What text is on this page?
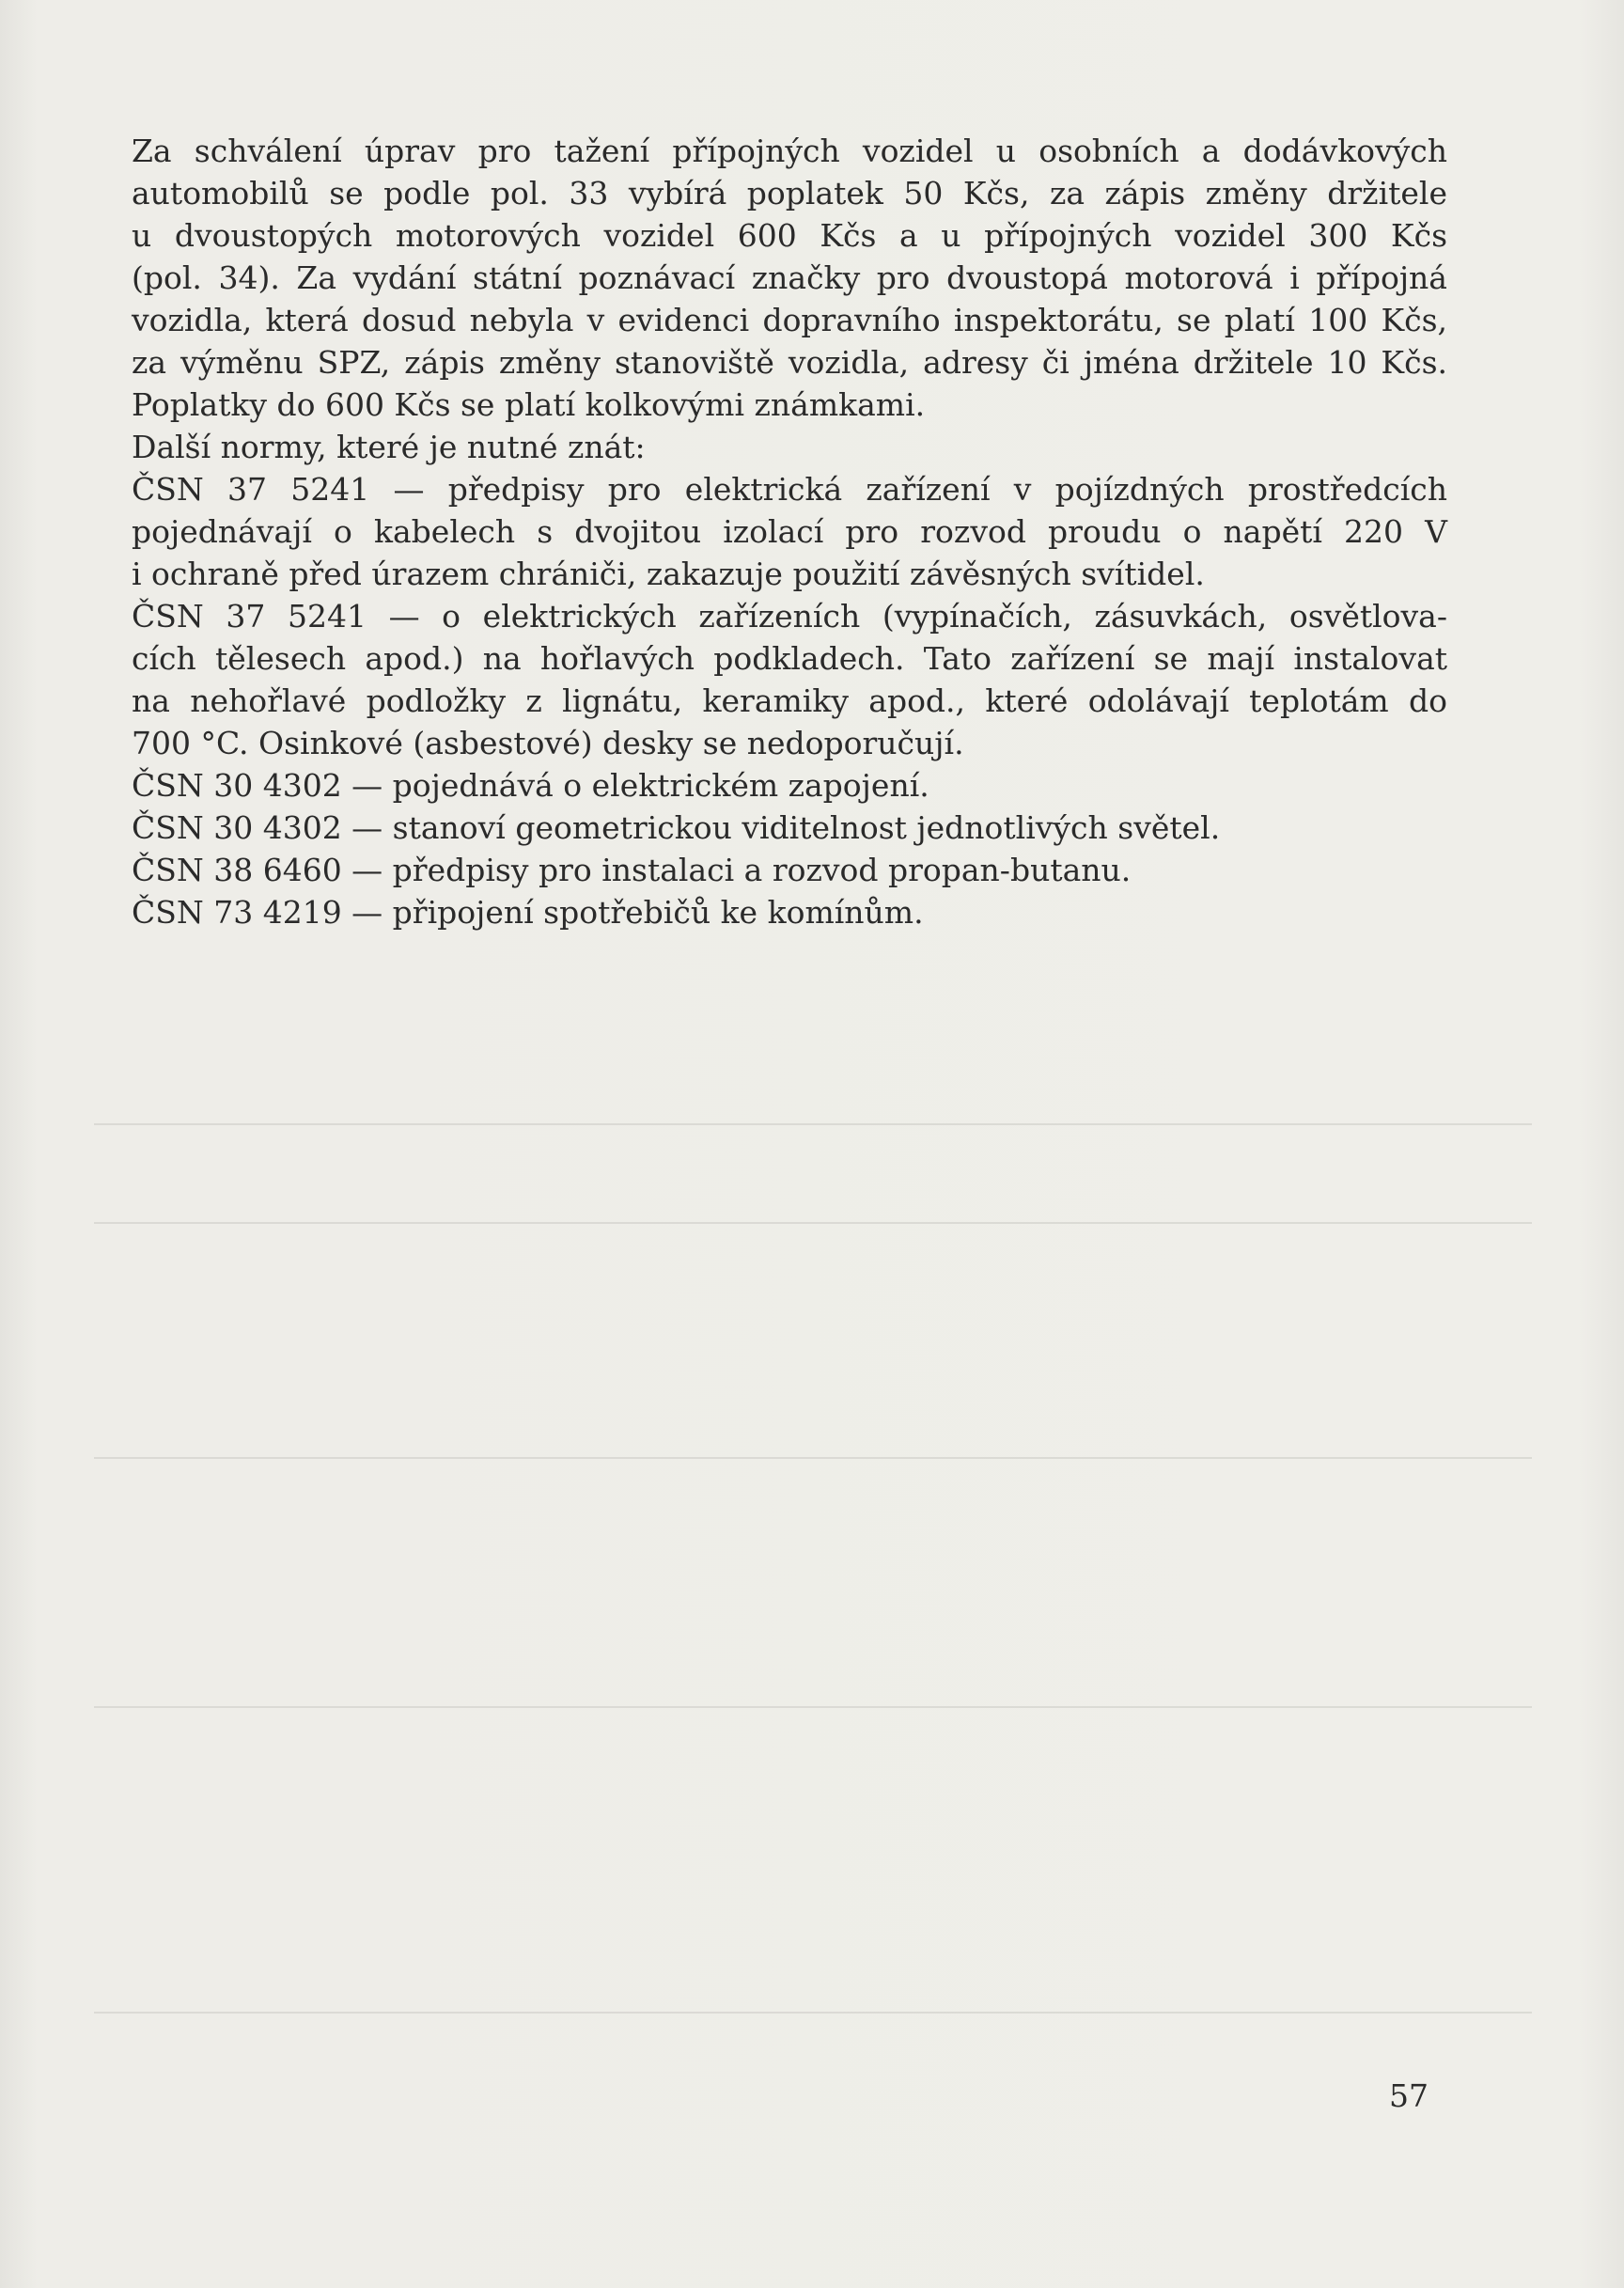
Za schválení úprav pro tažení přípojných vozidel u osobních a dodávkových
automobilů se podle pol. 33 vybírá poplatek 50 Kčs, za zápis změny držitele
u dvoustopých motorových vozidel 600 Kčs a u přípojných vozidel 300 Kčs
(pol. 34). Za vydání státní poznávací značky pro dvoustopá motorová i přípojná
vozidla, která dosud nebyla v evidenci dopravního inspektorátu, se platí 100 Kčs,
za výměnu SPZ, zápis změny stanoviště vozidla, adresy či jména držitele 10 Kčs.
Poplatky do 600 Kčs se platí kolkovými známkami.

Další normy, které je nutné znát:
ČSN 37 5241 — předpisy pro elektrická zařízení v pojízdných prostředcích
pojednávají o kabelech s dvojitou izolací pro rozvod proudu o napětí 220 V
i ochraně před úrazem chrániči, zakazuje použití závěsných svítidel.
ČSN 37 5241 — o elektrických zařízeních (vypínačích, zásuvkách, osvětlova-
cích tělesech apod.) na hořlavých podkladech. Tato zařízení se mají instalovat
na nehořlavé podložky z lignátu, keramiky apod., které odolávají teplotám do
700 °C. Osinkové (asbestové) desky se nedoporučují.
ČSN 30 4302 — pojednává o elektrickém zapojení.
ČSN 30 4302 — stanoví geometrickou viditelnost jednotlivých světel.
ČSN 38 6460 — předpisy pro instalaci a rozvod propan-butanu.
ČSN 73 4219 — připojení spotřebičů ke komínům.
57
